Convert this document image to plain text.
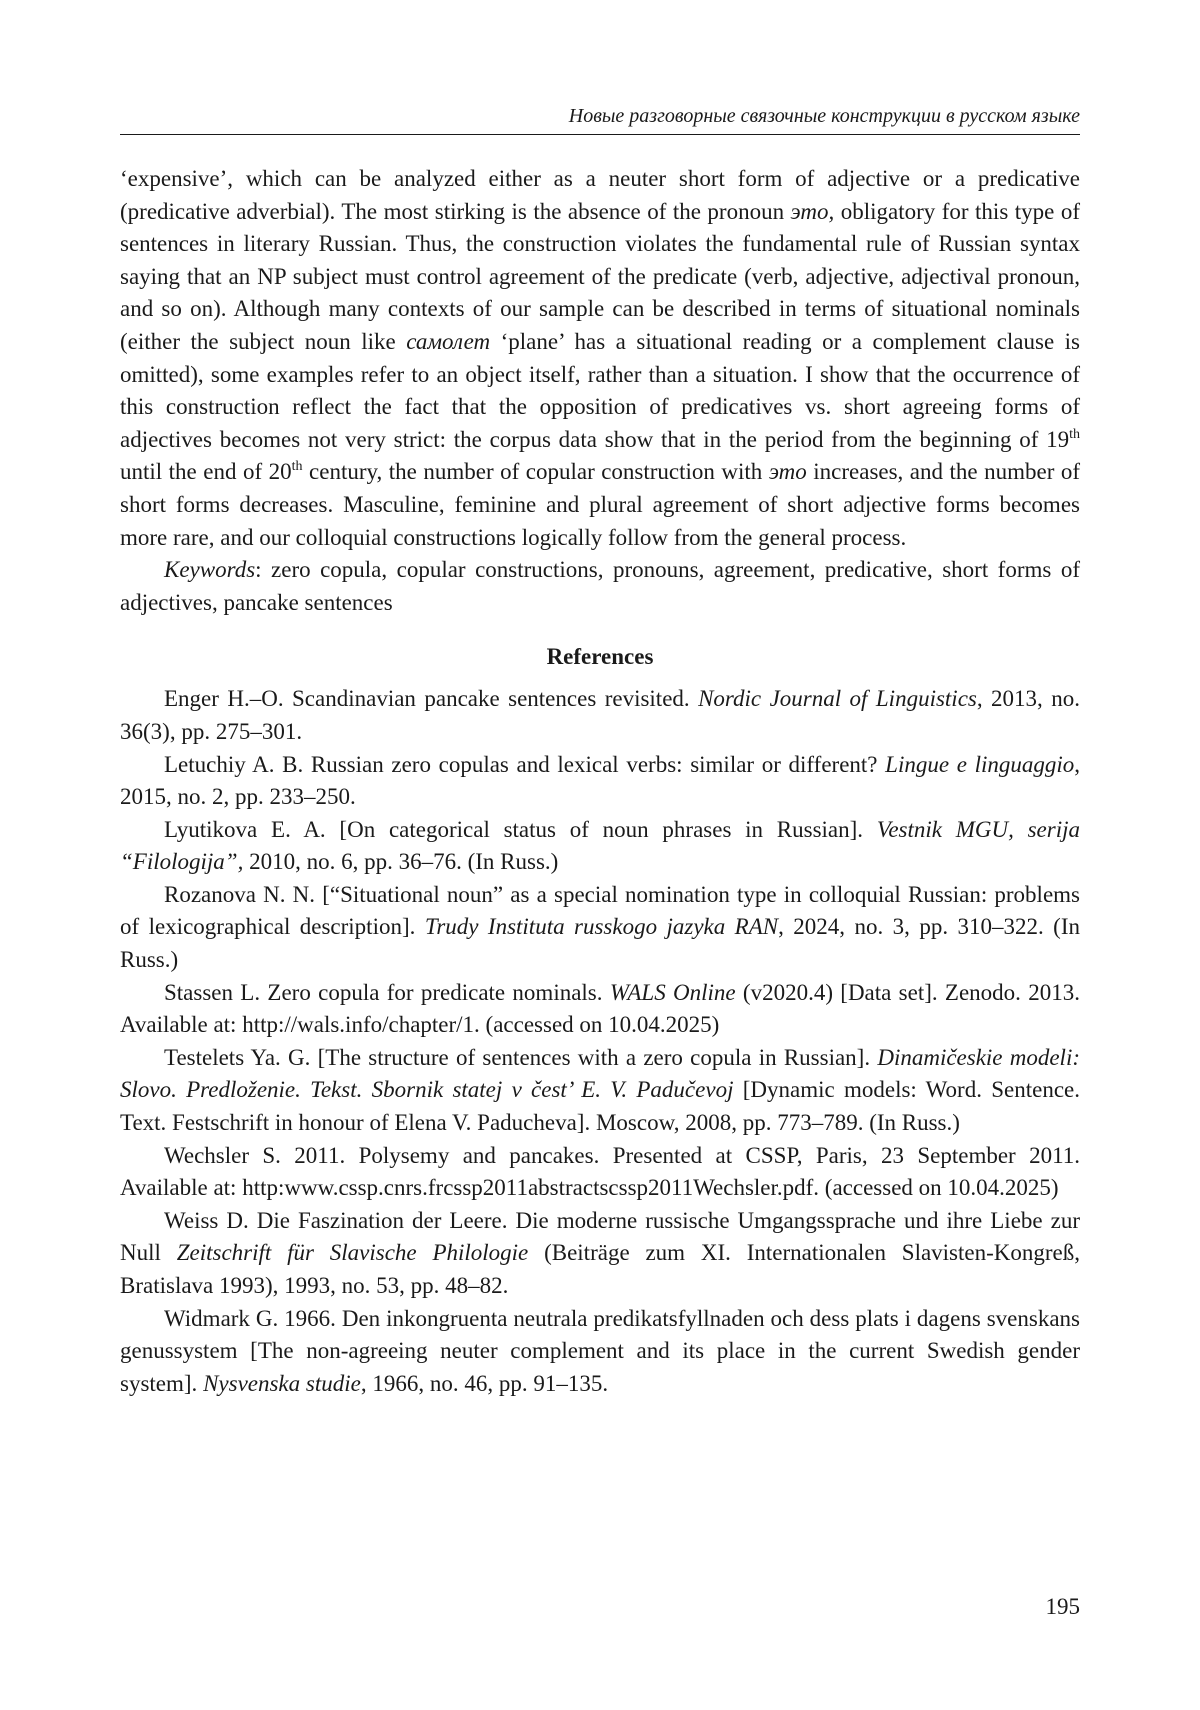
Новые разговорные связочные конструкции в русском языке

‘expensive’, which can be analyzed either as a neuter short form of adjective or a predicative (predicative adverbial). The most stirking is the absence of the pronoun это, obligatory for this type of sentences in literary Russian. Thus, the construction violates the fundamental rule of Russian syntax saying that an NP subject must control agreement of the predicate (verb, adjective, adjectival pronoun, and so on). Although many contexts of our sample can be described in terms of situational nominals (either the subject noun like самолет ‘plane’ has a situational reading or a complement clause is omitted), some examples refer to an object itself, rather than a situation. I show that the occurrence of this construction reflect the fact that the opposition of predicatives vs. short agreeing forms of adjectives becomes not very strict: the corpus data show that in the period from the beginning of 19th until the end of 20th century, the number of copular construction with это increases, and the number of short forms decreases. Masculine, feminine and plural agreement of short adjective forms becomes more rare, and our colloquial constructions logically follow from the general process.

Keywords: zero copula, copular constructions, pronouns, agreement, predicative, short forms of adjectives, pancake sentences

References

Enger H.–O. Scandinavian pancake sentences revisited. Nordic Journal of Linguistics, 2013, no. 36(3), pp. 275–301.

Letuchiy A. B. Russian zero copulas and lexical verbs: similar or different? Lingue e linguaggio, 2015, no. 2, pp. 233–250.

Lyutikova E. A. [On categorical status of noun phrases in Russian]. Vestnik MGU, serija “Filologija”, 2010, no. 6, pp. 36–76. (In Russ.)

Rozanova N. N. [“Situational noun” as a special nomination type in colloquial Russian: problems of lexicographical description]. Trudy Instituta russkogo jazyka RAN, 2024, no. 3, pp. 310–322. (In Russ.)

Stassen L. Zero copula for predicate nominals. WALS Online (v2020.4) [Data set]. Zenodo. 2013. Available at: http://wals.info/chapter/1. (accessed on 10.04.2025)

Testelets Ya. G. [The structure of sentences with a zero copula in Russian]. Dinamičeskie modeli: Slovo. Predloženie. Tekst. Sbornik statej v čest’ E. V. Padučevoj [Dynamic models: Word. Sentence. Text. Festschrift in honour of Elena V. Paducheva]. Moscow, 2008, pp. 773–789. (In Russ.)

Wechsler S. 2011. Polysemy and pancakes. Presented at CSSP, Paris, 23 September 2011. Available at: http:www.cssp.cnrs.frcssp2011abstractscssp2011Wechsler.pdf. (accessed on 10.04.2025)

Weiss D. Die Faszination der Leere. Die moderne russische Umgangssprache und ihre Liebe zur Null Zeitschrift für Slavische Philologie (Beiträge zum XI. Internationalen Slavisten-Kongreß, Bratislava 1993), 1993, no. 53, pp. 48–82.

Widmark G. 1966. Den inkongruenta neutrala predikatsfyllnaden och dess plats i dagens svenskans genussystem [The non-agreeing neuter complement and its place in the current Swedish gender system]. Nysvenska studie, 1966, no. 46, pp. 91–135.

195
